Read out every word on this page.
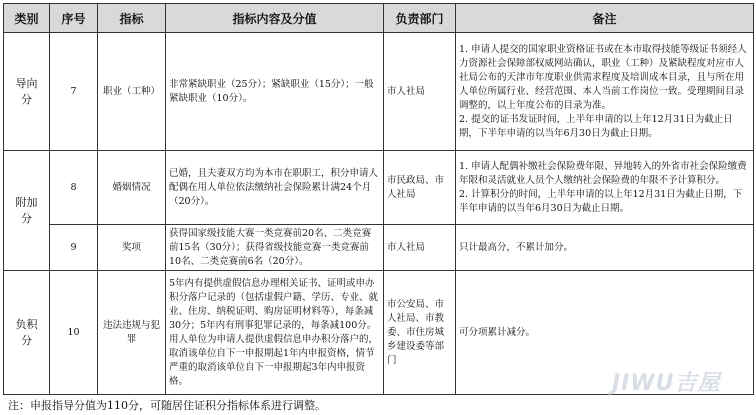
类别	序号	指标	指标内容及分值	负责部门	备注
导向分	7	职业（工种）	非常紧缺职业（25分）；紧缺职业（15分）；一般紧缺职业（10分）。	市人社局	1. 申请人提交的国家职业资格证书或在本市取得技能等级证书须经人力资源社会保障部权威网站确认，职业（工种）及紧缺程度对应市人社局公布的天津市年度职业供需求程度及培训成本目录，且与所在用人单位所属行业、经营范围、本人当前工作岗位一致。受理期间目录调整的，以上年度公布的目录为准。
2. 提交的证书发证时间，上半年申请的以上年12月31日为截止日期，下半年申请的以当年6月30日为截止日期。

附加分	8	婚姻情况	已婚，且夫妻双方均为本市在职职工，积分申请人配偶在用人单位依法缴纳社会保险累计满24个月（20分）。	市民政局、市人社局	1. 申请人配偶补缴社会保险费年限、异地转入的外省市社会保险缴费年限和灵活就业人员个人缴纳社会保险费的年限不予计算积分。
2. 计算积分的时间，上半年申请的以上年12月31日为截止日期，下半年申请的以当年6月30日为截止日期。

	9	奖项	获得国家级技能大赛一类竞赛前20名、二类竞赛前15名（30分）；获得省级技能竞赛一类竞赛前10名、二类竞赛前6名（20分）。	市人社局	只计最高分，不累计加分。

负积分	10	违法违规与犯罪	5年内有提供虚假信息办理相关证书、证明或申办积分落户记录的（包括虚假户籍、学历、专业、就业、住房、纳税证明、购房证明材料等），每条减30分；5年内有刑事犯罪记录的，每条减100分。用人单位为申请人提供虚假信息申办积分落户的，取消该单位自下一申报期起1年内申报资格，情节严重的取消该单位自下一申报期起3年内申报资格。	市公安局、市人社局、市教委、市住房城乡建设委等部门	可分项累计减分。
注：申报指导分值为110分，可随居住证积分指标体系进行调整。
JIWU吉屋
